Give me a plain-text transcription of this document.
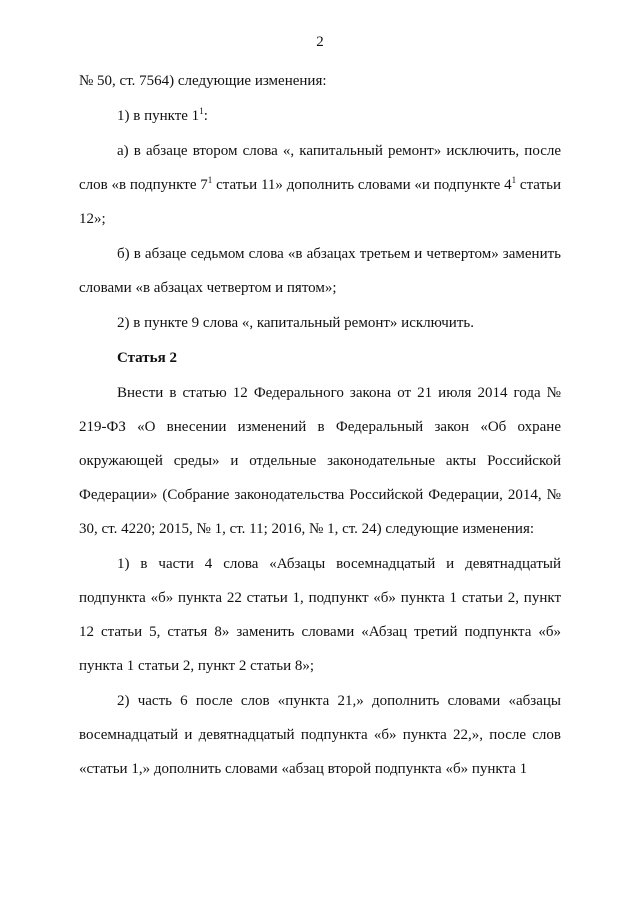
2

№ 50, ст. 7564) следующие изменения:

1) в пункте $1^1$:

а) в абзаце втором слова «, капитальный ремонт» исключить, после слов «в подпункте $7^1$ статьи 11» дополнить словами «и подпункте $4^1$ статьи 12»;

б) в абзаце седьмом слова «в абзацах третьем и четвертом» заменить словами «в абзацах четвертом и пятом»;

2) в пункте 9 слова «, капитальный ремонт» исключить.

Статья 2

Внести в статью 12 Федерального закона от 21 июля 2014 года № 219-ФЗ «О внесении изменений в Федеральный закон «Об охране окружающей среды» и отдельные законодательные акты Российской Федерации» (Собрание законодательства Российской Федерации, 2014, № 30, ст. 4220; 2015, № 1, ст. 11; 2016, № 1, ст. 24) следующие изменения:

1) в части 4 слова «Абзацы восемнадцатый и девятнадцатый подпункта «б» пункта 22 статьи 1, подпункт «б» пункта 1 статьи 2, пункт 12 статьи 5, статья 8» заменить словами «Абзац третий подпункта «б» пункта 1 статьи 2, пункт 2 статьи 8»;

2) часть 6 после слов «пункта 21,» дополнить словами «абзацы восемнадцатый и девятнадцатый подпункта «б» пункта 22,», после слов «статьи 1,» дополнить словами «абзац второй подпункта «б» пункта 1
